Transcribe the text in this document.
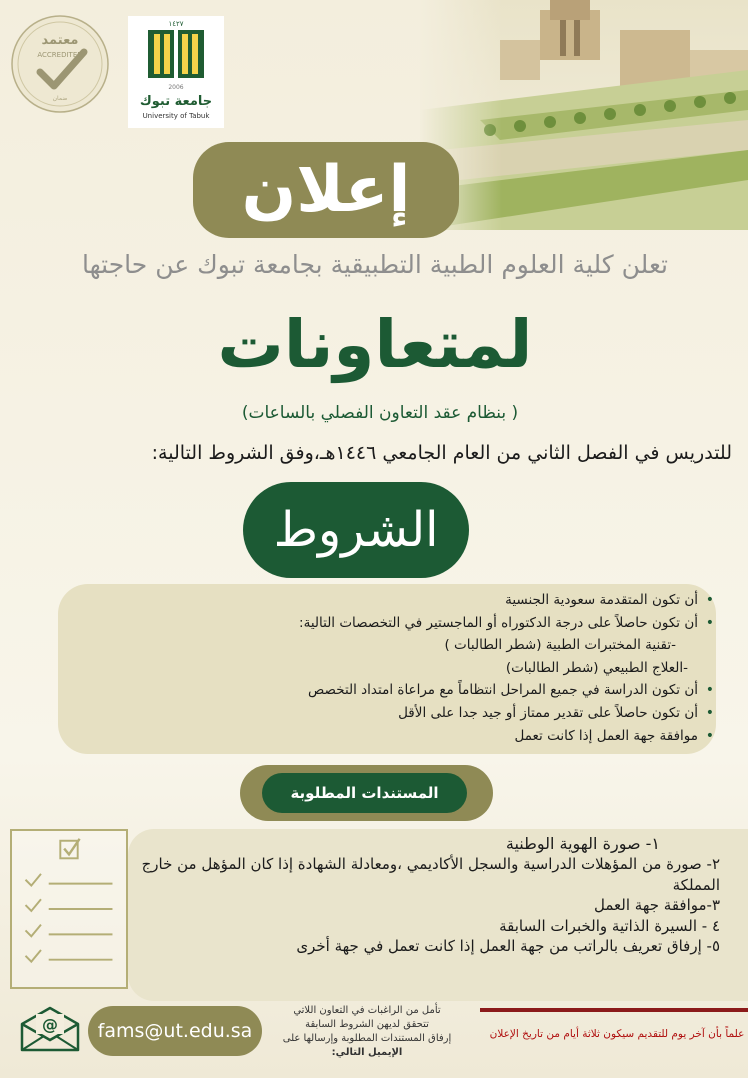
معتمد
ACCREDITED
ضمان
١٤٢٧
2006
جامعة تبوك
University of Tabuk
إعلان
تعلن كلية العلوم الطبية التطبيقية بجامعة تبوك عن حاجتها
لمتعاونات
( بنظام عقد التعاون الفصلي بالساعات)
للتدريس في الفصل الثاني من العام الجامعي ١٤٤٦هـ،وفق الشروط التالية:
الشروط
• أن تكون المتقدمة سعودية الجنسية
• أن تكون حاصلاً على درجة الدكتوراه أو الماجستير في التخصصات التالية:
-تقنية المختبرات الطبية (شطر الطالبات )
-العلاج الطبيعي (شطر الطالبات)
• أن تكون الدراسة في جميع المراحل انتظاماً مع مراعاة امتداد التخصص
• أن تكون حاصلاً على تقدير ممتاز أو جيد جدا على الأقل
• موافقة جهة العمل إذا كانت تعمل
المستندات المطلوبة
١- صورة الهوية الوطنية
٢- صورة من المؤهلات الدراسية والسجل الأكاديمي ،ومعادلة الشهادة إذا كان المؤهل من خارج المملكة
٣-موافقة جهة العمل
٤ - السيرة الذاتية والخبرات السابقة
٥- إرفاق تعريف بالراتب من جهة العمل إذا كانت تعمل في جهة أخرى
@	fams@ut.edu.sa
تأمل من الراغبات في التعاون اللاتي
تتحقق لديهن الشروط السابقة
إرفاق المستندات المطلوبة وإرسالها على
الإيميل التالي:
علماً بأن آخر يوم للتقديم سيكون ثلاثة أيام من تاريخ الإعلان
